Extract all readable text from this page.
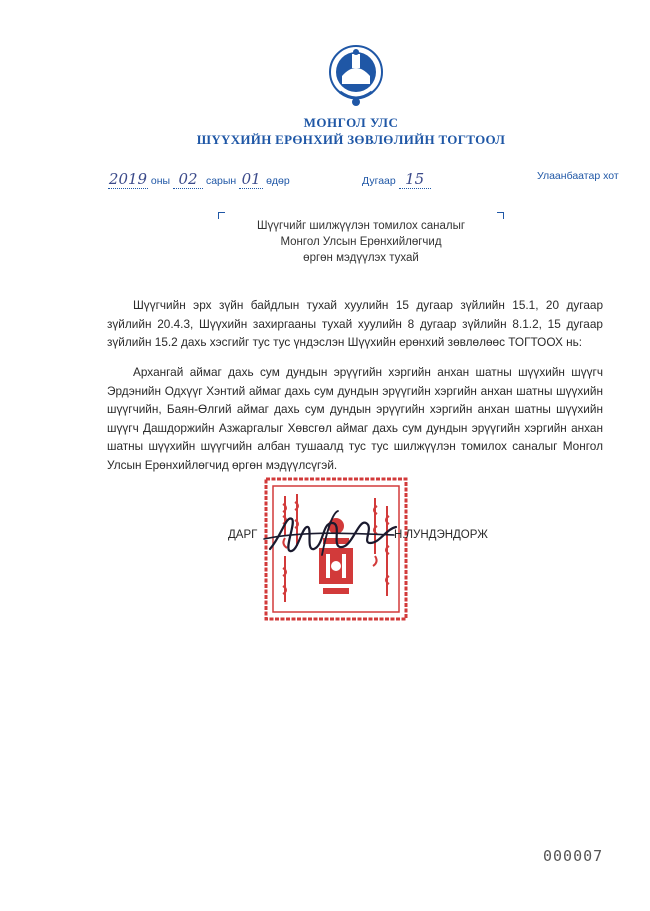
МОНГОЛ УЛС
ШҮҮХИЙН ЕРӨНХИЙ ЗӨВЛӨЛИЙН ТОГТООЛ
2019 оны 02 сарын 01 өдөр	Дугаар 15	Улаанбаатар хот
Шүүгчийг шилжүүлэн томилох саналыг
Монгол Улсын Ерөнхийлөгчид
өргөн мэдүүлэх тухай
Шүүгчийн эрх зүйн байдлын тухай хуулийн 15 дугаар зүйлийн 15.1, 20 дугаар зүйлийн 20.4.3, Шүүхийн захиргааны тухай хуулийн 8 дугаар зүйлийн 8.1.2, 15 дугаар зүйлийн 15.2 дахь хэсгийг тус тус үндэслэн Шүүхийн ерөнхий зөвлөлөөс ТОГТООХ нь:
Архангай аймаг дахь сум дундын эрүүгийн хэргийн анхан шатны шүүхийн шүүгч Эрдэнийн Одхүүг Хэнтий аймаг дахь сум дундын эрүүгийн хэргийн анхан шатны шүүхийн шүүгчийн, Баян-Өлгий аймаг дахь сум дундын эрүүгийн хэргийн анхан шатны шүүхийн шүүгч Дашдоржийн Азжаргалыг Хөвсгөл аймаг дахь сум дундын эрүүгийн хэргийн анхан шатны шүүхийн шүүгчийн албан тушаалд тус тус шилжүүлэн томилох саналыг Монгол Улсын Ерөнхийлөгчид өргөн мэдүүлсүгэй.
ДАРГ	Н.ЛУНДЭНДОРЖ
000007
